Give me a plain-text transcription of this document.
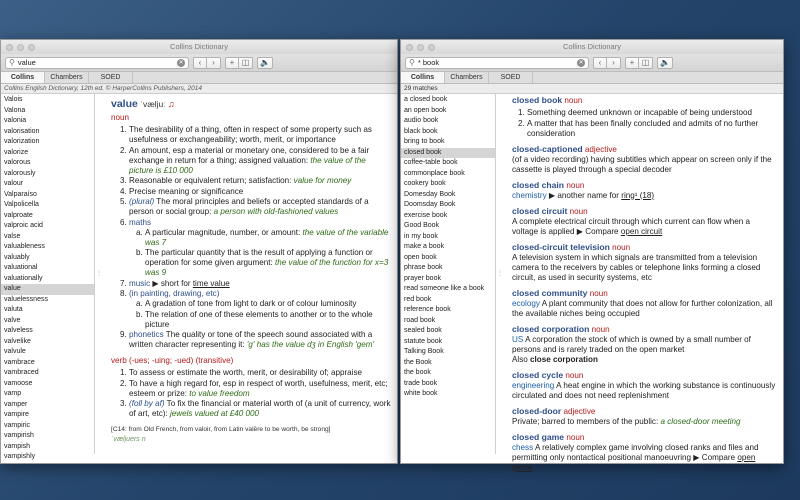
Collins Dictionary
⚲
value	✕	‹	›	+ ◫	🔈
Collins	Chambers	SOED
Collins English Dictionary, 12th ed. © HarperCollins Publishers, 2014
Valois
Valona
valonia
valorisation
valorization
valorize
valorous
valorously
valour
Valparaíso
Valpolicella
valproate
valproic acid
valse
valuableness
valuably
valuational
valuationally
value
valuelessness
valuta
valve
valveless
valvelike
valvule
vambrace
vambraced
vamoose
vamp
vamper
vampire
vampiric
vampirish
vampish
vampishly
⋮
value ˈvæljuː ♫
noun
1. The desirability of a thing, often in respect of some property such as usefulness or exchangeability; worth, merit, or importance
2. An amount, esp a material or monetary one, considered to be a fair exchange in return for a thing; assigned valuation: the value of the picture is £10 000
3. Reasonable or equivalent return; satisfaction: value for money
4. Precise meaning or significance
5. (plural) The moral principles and beliefs or accepted standards of a person or social group: a person with old-fashioned values
6. maths
a. A particular magnitude, number, or amount: the value of the variable was 7
b. The particular quantity that is the result of applying a function or operation for some given argument: the value of the function for x=3 was 9
7. music ▶ short for time value
8. (in painting, drawing, etc)
a. A gradation of tone from light to dark or of colour luminosity
b. The relation of one of these elements to another or to the whole picture
9. phonetics The quality or tone of the speech sound associated with a written character representing it: 'g' has the value dʒ in English 'gem'
verb (-ues; -uing; -ued) (transitive)
1. To assess or estimate the worth, merit, or desirability of; appraise
2. To have a high regard for, esp in respect of worth, usefulness, merit, etc; esteem or prize: to value freedom
3. (foll by af) To fix the financial or material worth of (a unit of currency, work of art, etc): jewels valued at £40 000
[C14: from Old French, from valoir, from Latin valēre to be worth, be strong]
ˈvæljuers n
Collins Dictionary
⚲
* book	✕	‹	›	+ ◫	🔈
Collins	Chambers	SOED
29 matches
a closed book
an open book
audio book
black book
bring to book
closed book
coffee-table book
commonplace book
cookery book
Domesday Book
Doomsday Book
exercise book
Good Book
in my book
make a book
open book
phrase book
prayer book
read someone like a book
red book
reference book
road book
sealed book
statute book
Talking Book
the Book
the book
trade book
white book
⋮
closed book noun
1. Something deemed unknown or incapable of being understood
2. A matter that has been finally concluded and admits of no further consideration
closed-captioned adjective
(of a video recording) having subtitles which appear on screen only if the cassette is played through a special decoder
closed chain noun
chemistry ▶ another name for ring¹ (18)
closed circuit noun
A complete electrical circuit through which current can flow when a voltage is applied ▶ Compare open circuit
closed-circuit television noun
A television system in which signals are transmitted from a television camera to the receivers by cables or telephone links forming a closed circuit, as used in security systems, etc
closed community noun
ecology A plant community that does not allow for further colonization, all the available niches being occupied
closed corporation noun
US A corporation the stock of which is owned by a small number of persons and is rarely traded on the open market
Also close corporation
closed cycle noun
engineering A heat engine in which the working substance is continuously circulated and does not need replenishment
closed-door adjective
Private; barred to members of the public: a closed-door meeting
closed game noun
chess A relatively complex game involving closed ranks and files and permitting only nontactical positional manoeuvring ▶ Compare open game
